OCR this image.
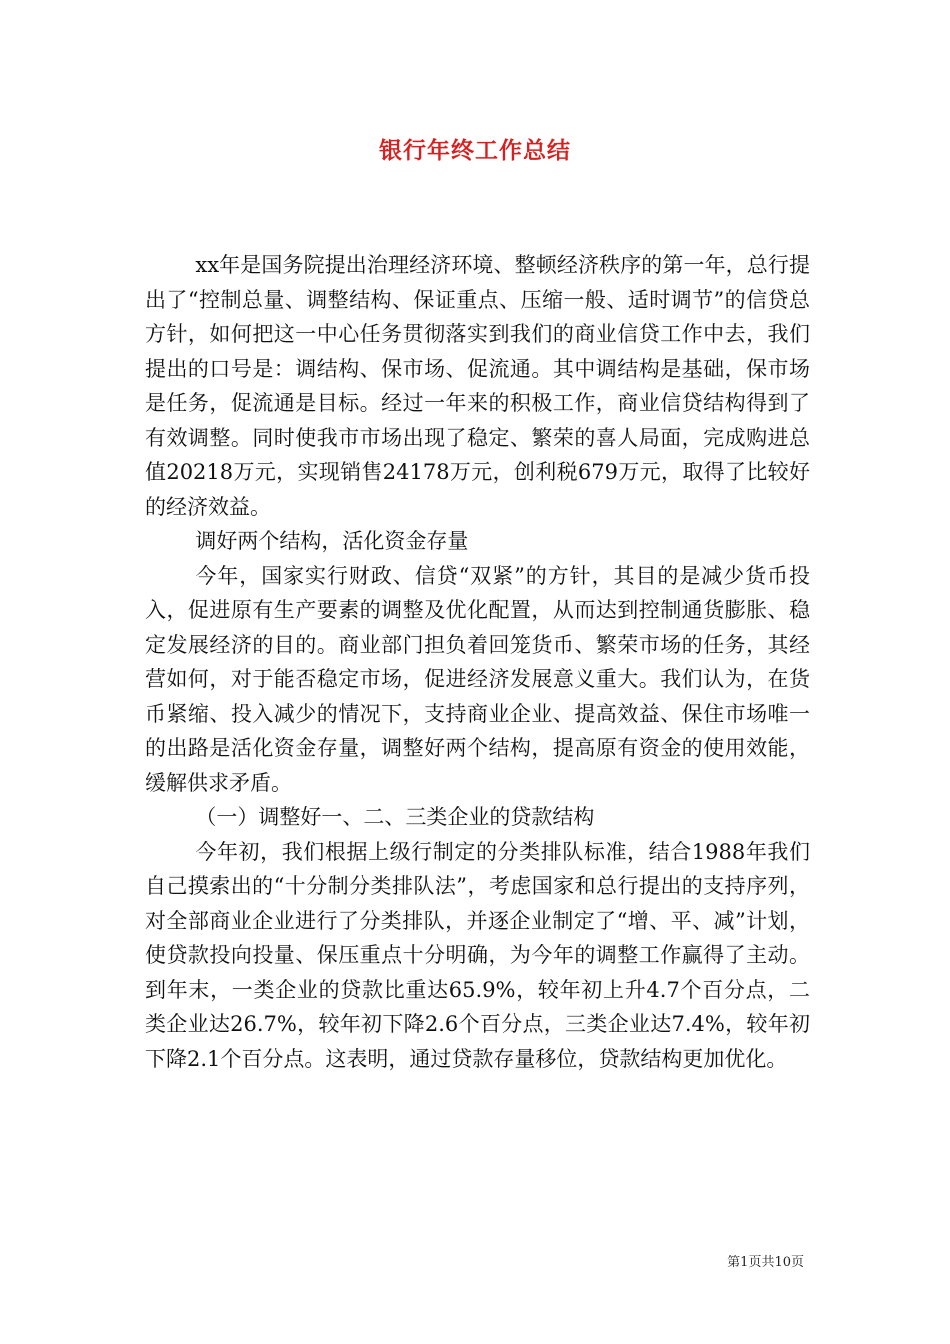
银行年终工作总结

xx年是国务院提出治理经济环境、整顿经济秩序的第一年，总行提出了“控制总量、调整结构、保证重点、压缩一般、适时调节”的信贷总方针，如何把这一中心任务贯彻落实到我们的商业信贷工作中去，我们提出的口号是：调结构、保市场、促流通。其中调结构是基础，保市场是任务，促流通是目标。经过一年来的积极工作，商业信贷结构得到了有效调整。同时使我市市场出现了稳定、繁荣的喜人局面，完成购进总值20218万元，实现销售24178万元，创利税679万元，取得了比较好的经济效益。

调好两个结构，活化资金存量

今年，国家实行财政、信贷“双紧”的方针，其目的是减少货币投入，促进原有生产要素的调整及优化配置，从而达到控制通货膨胀、稳定发展经济的目的。商业部门担负着回笼货币、繁荣市场的任务，其经营如何，对于能否稳定市场，促进经济发展意义重大。我们认为，在货币紧缩、投入减少的情况下，支持商业企业、提高效益、保住市场唯一的出路是活化资金存量，调整好两个结构，提高原有资金的使用效能，缓解供求矛盾。

（一）调整好一、二、三类企业的贷款结构

今年初，我们根据上级行制定的分类排队标准，结合1988年我们自己摸索出的“十分制分类排队法”，考虑国家和总行提出的支持序列，对全部商业企业进行了分类排队，并逐企业制定了“增、平、减”计划，使贷款投向投量、保压重点十分明确，为今年的调整工作赢得了主动。到年末，一类企业的贷款比重达65.9%，较年初上升4.7个百分点，二类企业达26.7%，较年初下降2.6个百分点，三类企业达7.4%，较年初下降2.1个百分点。这表明，通过贷款存量移位，贷款结构更加优化。

第1页共10页
